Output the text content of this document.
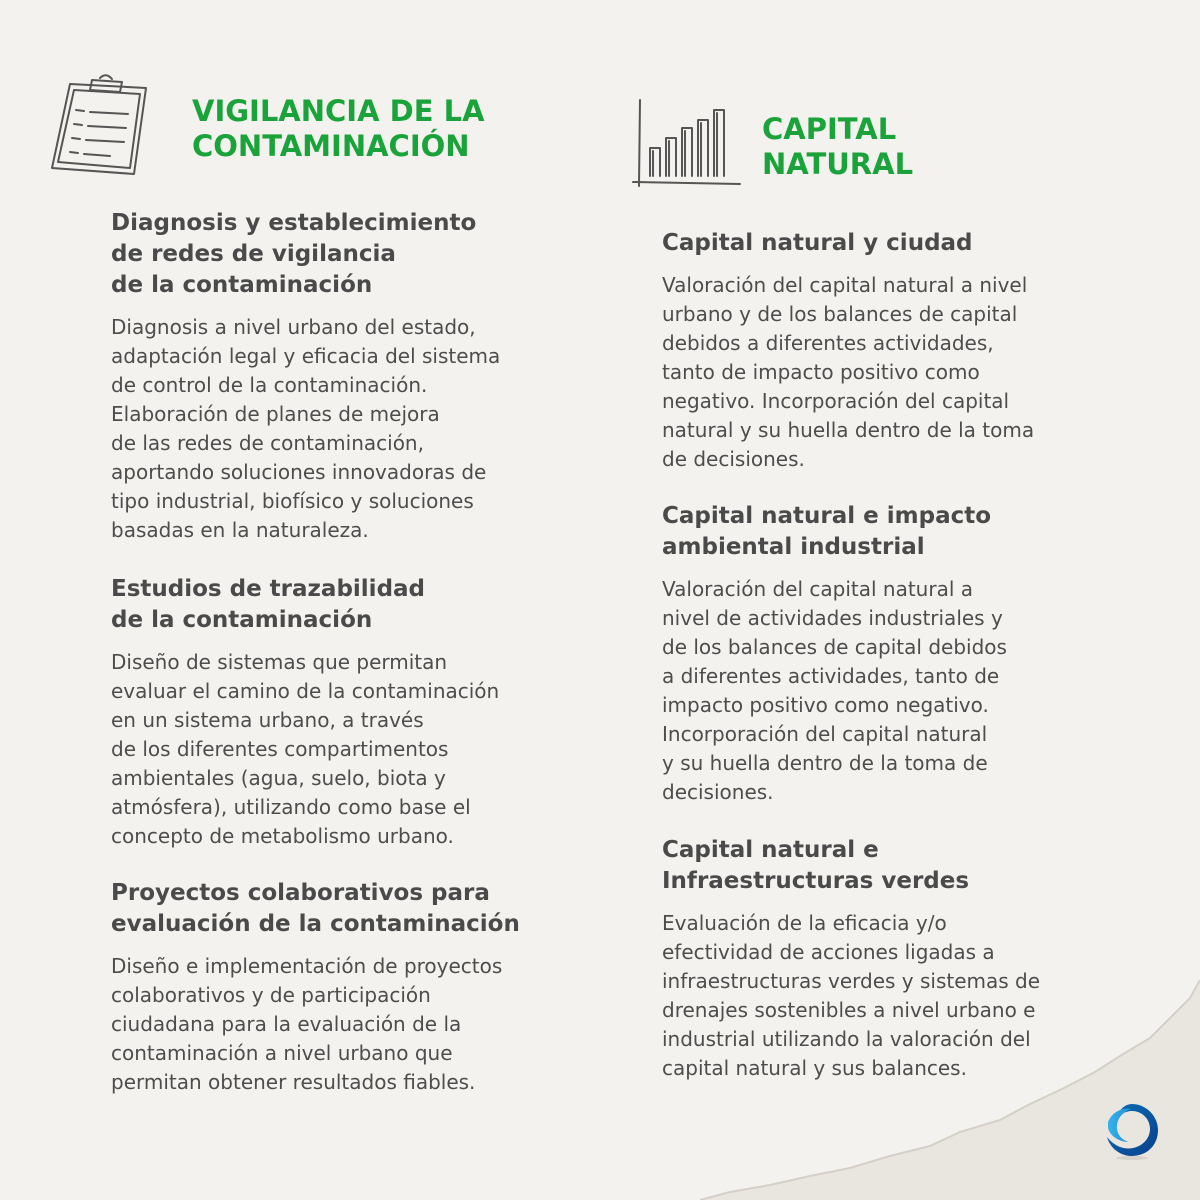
VIGILANCIA DE LA
CONTAMINACIÓN
Diagnosis y establecimiento
de redes de vigilancia
de la contaminación

Diagnosis a nivel urbano del estado,
adaptación legal y eficacia del sistema
de control de la contaminación.
Elaboración de planes de mejora
de las redes de contaminación,
aportando soluciones innovadoras de
tipo industrial, biofísico y soluciones
basadas en la naturaleza.

Estudios de trazabilidad
de la contaminación

Diseño de sistemas que permitan
evaluar el camino de la contaminación
en un sistema urbano, a través
de los diferentes compartimentos
ambientales (agua, suelo, biota y
atmósfera), utilizando como base el
concepto de metabolismo urbano.

Proyectos colaborativos para
evaluación de la contaminación

Diseño e implementación de proyectos
colaborativos y de participación
ciudadana para la evaluación de la
contaminación a nivel urbano que
permitan obtener resultados fiables.

CAPITAL
NATURAL
Capital natural y ciudad

Valoración del capital natural a nivel
urbano y de los balances de capital
debidos a diferentes actividades,
tanto de impacto positivo como
negativo. Incorporación del capital
natural y su huella dentro de la toma
de decisiones.

Capital natural e impacto
ambiental industrial

Valoración del capital natural a
nivel de actividades industriales y
de los balances de capital debidos
a diferentes actividades, tanto de
impacto positivo como negativo.
Incorporación del capital natural
y su huella dentro de la toma de
decisiones.

Capital natural e
Infraestructuras verdes

Evaluación de la eficacia y/o
efectividad de acciones ligadas a
infraestructuras verdes y sistemas de
drenajes sostenibles a nivel urbano e
industrial utilizando la valoración del
capital natural y sus balances.
